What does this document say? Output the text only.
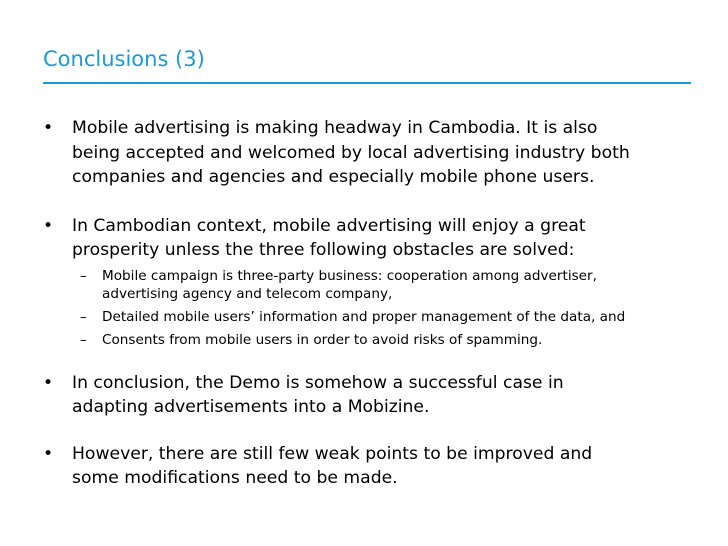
Conclusions (3)
•	Mobile advertising is making headway in Cambodia. It is also
being accepted and welcomed by local advertising industry both
companies and agencies and especially mobile phone users.
•	In Cambodian context, mobile advertising will enjoy a great
prosperity unless the three following obstacles are solved:
– Mobile campaign is three-party business: cooperation among advertiser,
advertising agency and telecom company,
– Detailed mobile users’ information and proper management of the data, and
– Consents from mobile users in order to avoid risks of spamming.
•	In conclusion, the Demo is somehow a successful case in
adapting advertisements into a Mobizine.
•	However, there are still few weak points to be improved and
some modifications need to be made.
